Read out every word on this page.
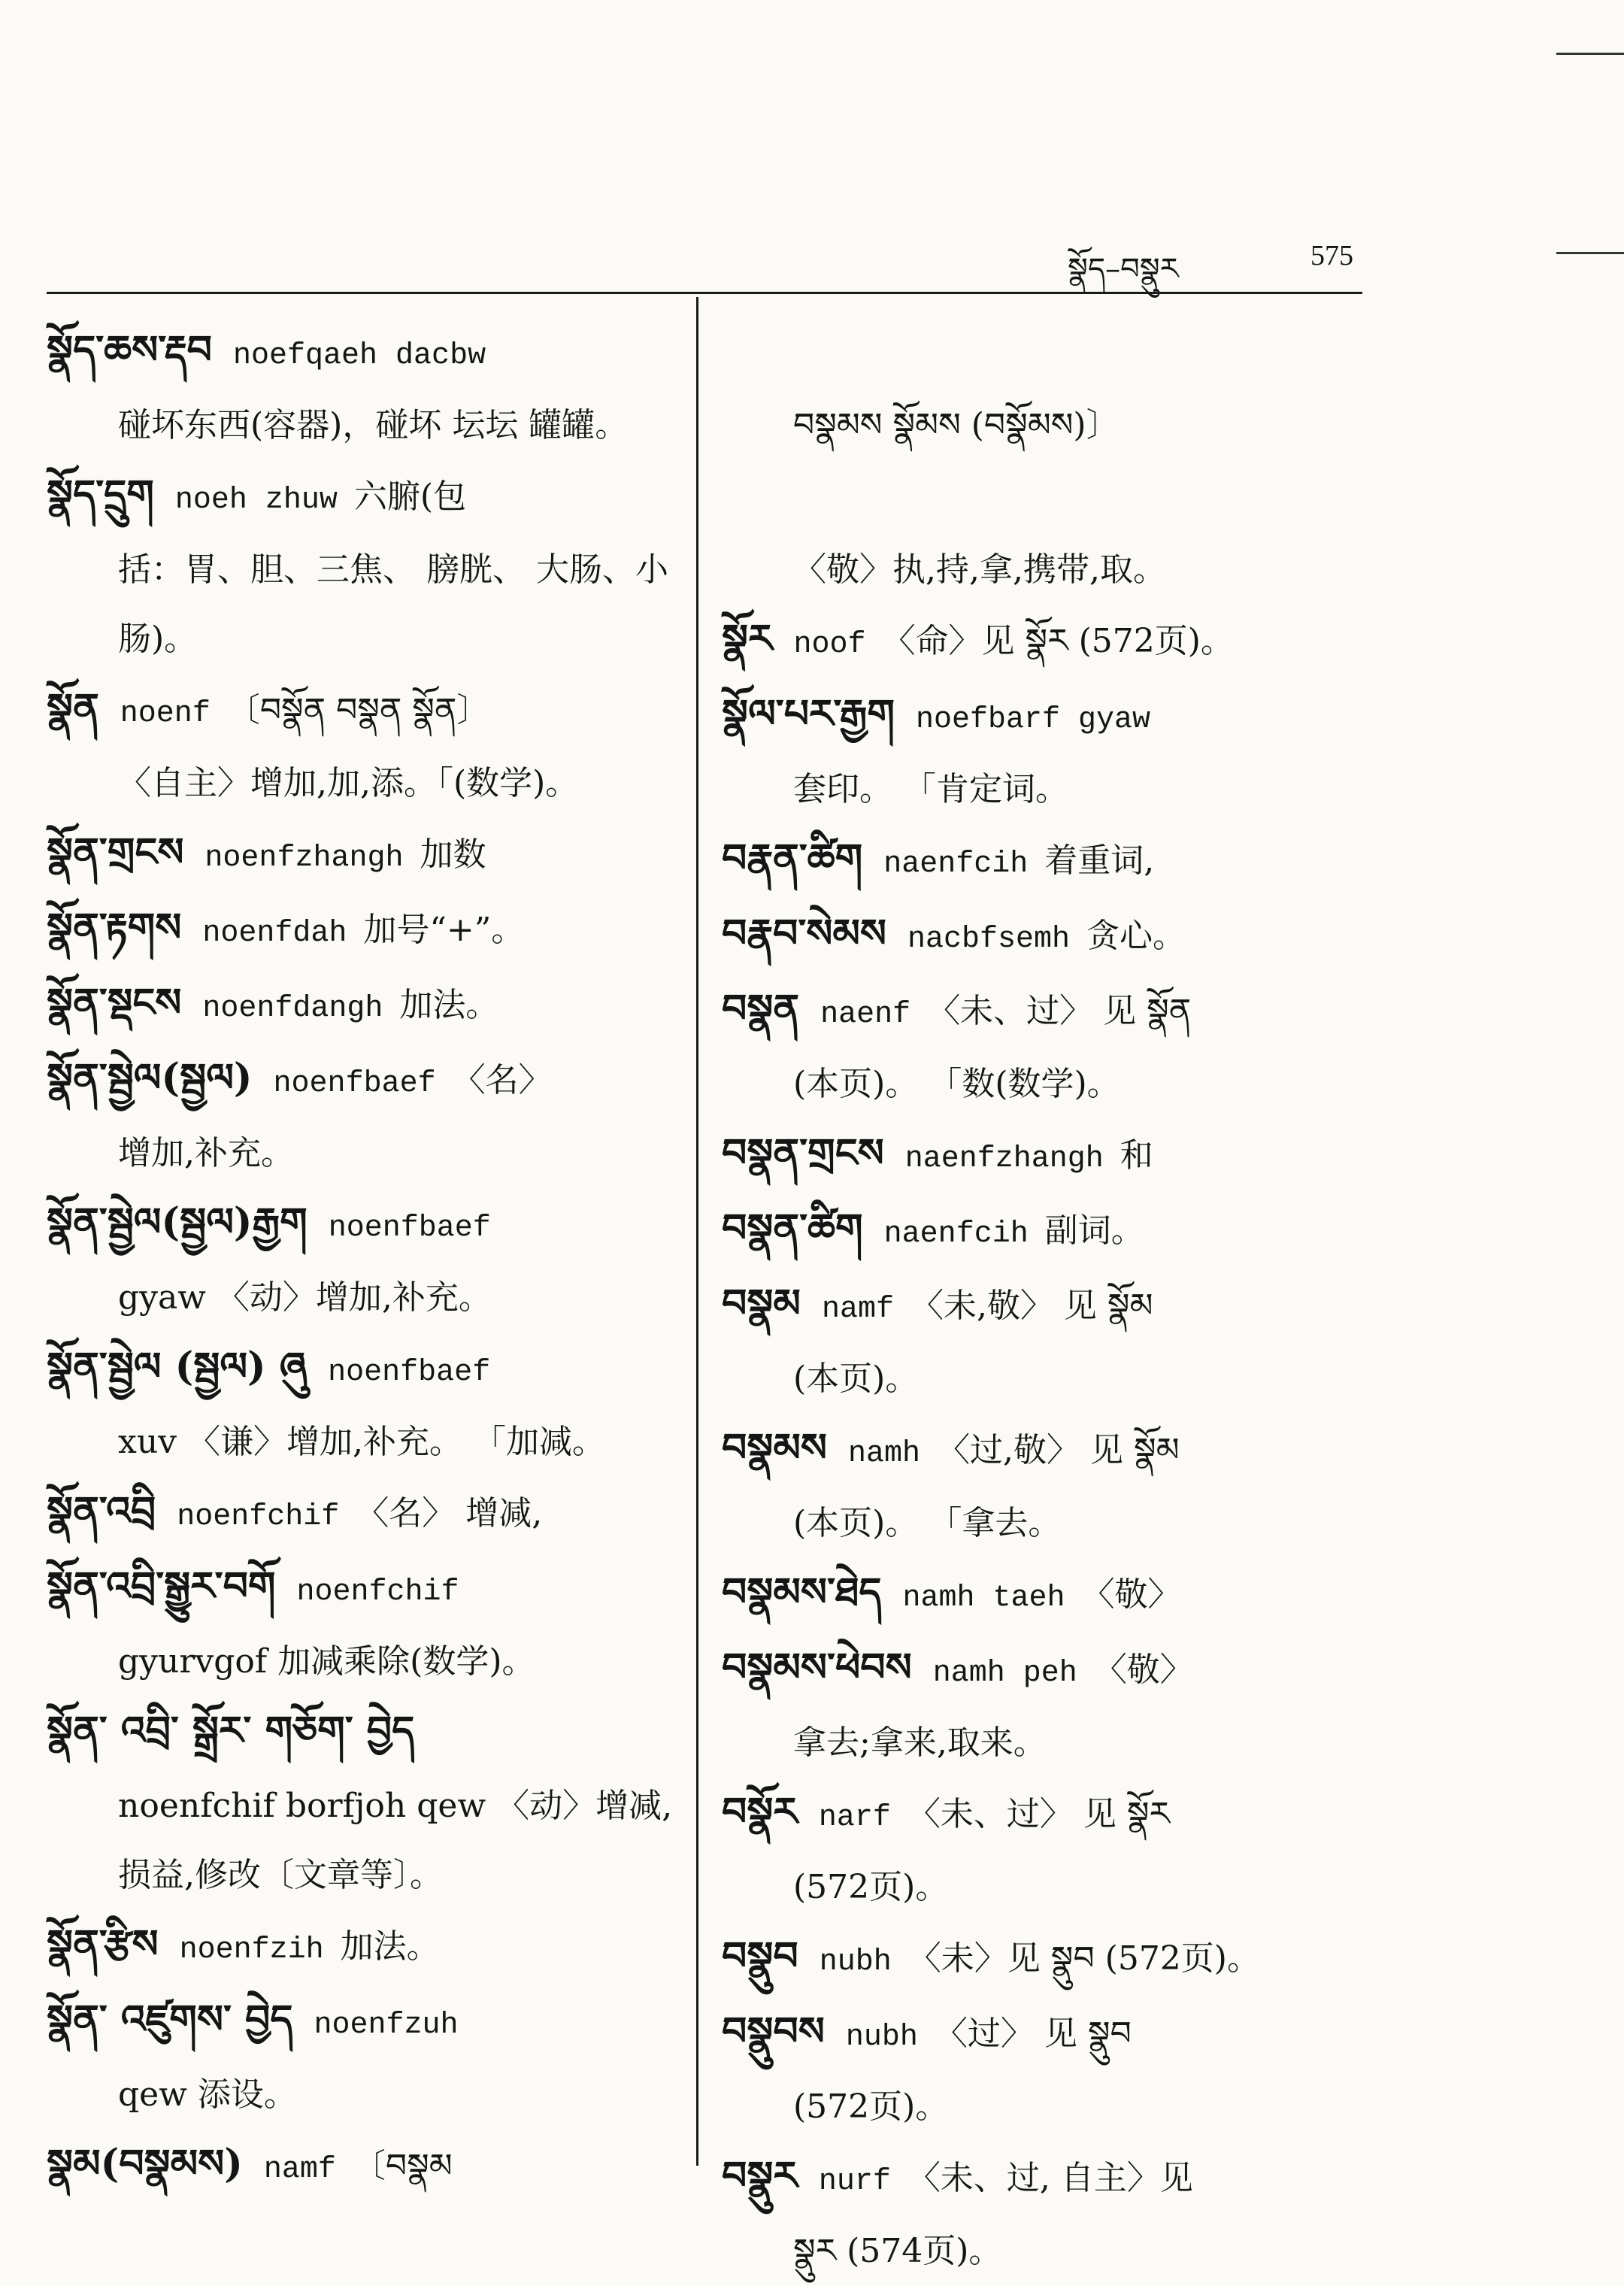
སྣོད–བསྣུར	575
སྣོད་ཆས་རྡབ noefqaeh dacbw
碰坏东西(容器)，碰坏 坛坛 罐罐。
སྣོད་དྲུག noeh zhuw 六腑(包
括：胃、胆、三焦、 膀胱、 大肠、小肠)。
སྣོན noenf 〔བསྣོན བསྣན སྣོན〕
〈自主〉增加,加,添。「(数学)。
སྣོན་གྲངས noenfzhangh 加数
སྣོན་རྟགས noenfdah 加号“+”。
སྣོན་སྡངས noenfdangh 加法。
སྣོན་སྦྱེལ(སྦྱལ) noenfbaef 〈名〉
增加,补充。
སྣོན་སྦྱེལ(སྦྱལ)རྒྱག noenfbaef
gyaw 〈动〉增加,补充。
སྣོན་སྦྱེལ (སྦྱལ) ཞུ noenfbaef
xuv 〈谦〉增加,补充。 「加减。
སྣོན་འབྲི noenfchif 〈名〉 增减,
སྣོན་འབྲི་སྒྱུར་བགོ noenfchif
gyurvgof 加减乘除(数学)。
སྣོན་ འབྲི་ སྒྲོར་ གཅོག་ བྱེད
noenfchif borfjoh qew 〈动〉增减,损益,修改〔文章等〕。
སྣོན་རྩིས noenfzih 加法。
སྣོན་ འཛུགས་ བྱེད noenfzuh
qew 添设。
སྣམ(བསྣམས) namf 〔བསྣམ
བསྣམས སྣོམས (བསྣོམས)〕
〈敬〉执,持,拿,携带,取。
སྣོར noof 〈命〉见 སྣོར (572页)。
སྣོལ་པར་རྒྱག noefbarf gyaw
套印。 「肯定词。
བརྣན་ཚིག naenfcih 着重词,
བརྣབ་སེམས nacbfsemh 贪心。
བསྣན naenf 〈未、过〉 见 སྣོན
(本页)。 「数(数学)。
བསྣན་གྲངས naenfzhangh 和
བསྣན་ཚིག naenfcih 副词。
བསྣམ namf 〈未,敬〉 见 སྣོམ
(本页)。
བསྣམས namh 〈过,敬〉 见 སྣོམ
(本页)。 「拿去。
བསྣམས་ཐེད namh taeh 〈敬〉
བསྣམས་ཕེབས namh peh 〈敬〉
拿去;拿来,取来。
བསྣོར narf 〈未、过〉 见 སྣོར
(572页)。
བསྣུབ nubh 〈未〉见 སྣུབ (572页)。
བསྣུབས nubh 〈过〉 见 སྣུབ
(572页)。
བསྣུར nurf 〈未、过, 自主〉见
སྣུར (574页)。
